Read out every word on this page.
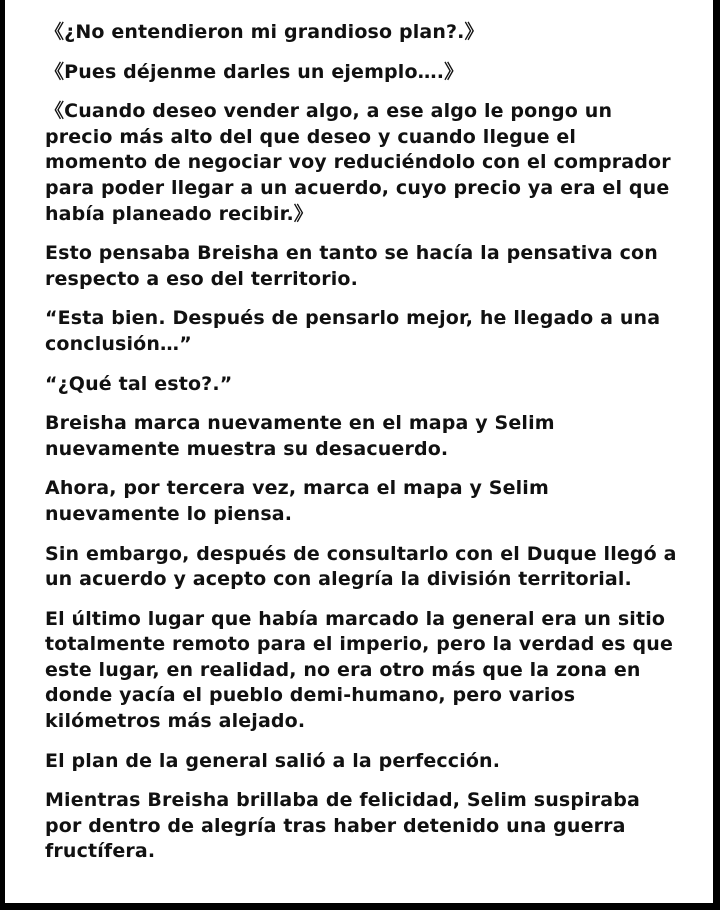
《¿No entendieron mi grandioso plan?.》

《Pues déjenme darles un ejemplo….》

《Cuando deseo vender algo, a ese algo le pongo un precio más alto del que deseo y cuando llegue el momento de negociar voy reduciéndolo con el comprador para poder llegar a un acuerdo, cuyo precio ya era el que había planeado recibir.》

Esto pensaba Breisha en tanto se hacía la pensativa con respecto a eso del territorio.

“Esta bien. Después de pensarlo mejor, he llegado a una conclusión…”

“¿Qué tal esto?.”

Breisha marca nuevamente en el mapa y Selim nuevamente muestra su desacuerdo.

Ahora, por tercera vez, marca el mapa y Selim nuevamente lo piensa.

Sin embargo, después de consultarlo con el Duque llegó a un acuerdo y acepto con alegría la división territorial.

El último lugar que había marcado la general era un sitio totalmente remoto para el imperio, pero la verdad es que este lugar, en realidad, no era otro más que la zona en donde yacía el pueblo demi-humano, pero varios kilómetros más alejado.

El plan de la general salió a la perfección.

Mientras Breisha brillaba de felicidad, Selim suspiraba por dentro de alegría tras haber detenido una guerra fructífera.
